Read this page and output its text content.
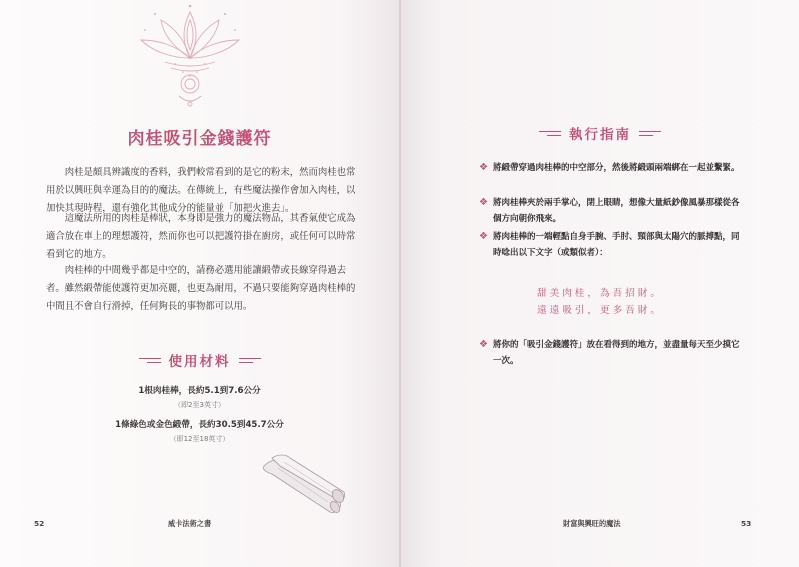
肉桂吸引金錢護符

肉桂是頗具辨識度的香料，我們較常看到的是它的粉末，然而肉桂也常用於以興旺與幸運為目的的魔法。在傳統上，有些魔法操作會加入肉桂，以加快其現時程，還有強化其他成分的能量並「加把火進去」。

這魔法所用的肉桂是棒狀，本身即是強力的魔法物品，其香氣使它成為適合放在車上的理想護符，然而你也可以把護符掛在廚房，或任何可以時常看到它的地方。

肉桂棒的中間幾乎都是中空的，請務必選用能讓緞帶或長線穿得過去者。雖然緞帶能使護符更加亮麗，也更為耐用，不過只要能夠穿過肉桂棒的中間且不會自行滑掉，任何夠長的事物都可以用。

使用材料
1根肉桂棒，長約5.1到7.6公分
（即2至3英寸）
1條綠色或金色緞帶，長約30.5到45.7公分
（即12至18英寸）
52	威卡法術之書
執行指南
❖ 將緞帶穿過肉桂棒的中空部分，然後將緞頭兩端綁在一起並繫緊。
❖ 將肉桂棒夾於兩手掌心，閉上眼睛，想像大量紙鈔像風暴那樣從各個方向朝你飛來。
❖ 將肉桂棒的一端輕點自身手腕、手肘、頸部與太陽穴的脈搏點，同時唸出以下文字（或類似者）：
甜美肉桂，為吾招財。
遠遠吸引，更多吾財。
❖ 將你的「吸引金錢護符」放在看得到的地方，並盡量每天至少摸它一次。
財富與興旺的魔法	53
